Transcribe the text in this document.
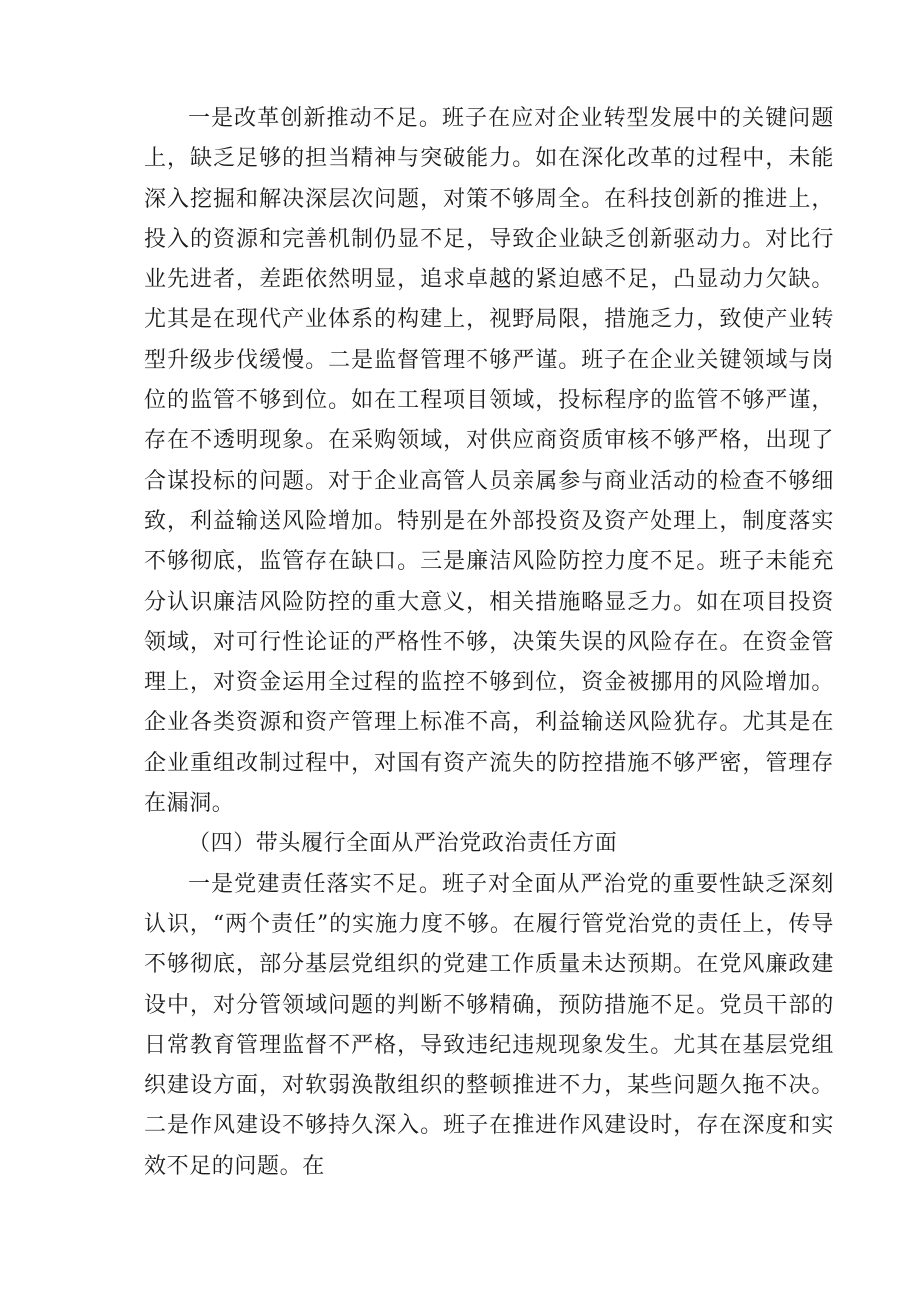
一是改革创新推动不足。班子在应对企业转型发展中的关键问题上，缺乏足够的担当精神与突破能力。如在深化改革的过程中，未能深入挖掘和解决深层次问题，对策不够周全。在科技创新的推进上，投入的资源和完善机制仍显不足，导致企业缺乏创新驱动力。对比行业先进者，差距依然明显，追求卓越的紧迫感不足，凸显动力欠缺。尤其是在现代产业体系的构建上，视野局限，措施乏力，致使产业转型升级步伐缓慢。二是监督管理不够严谨。班子在企业关键领域与岗位的监管不够到位。如在工程项目领域，投标程序的监管不够严谨，存在不透明现象。在采购领域，对供应商资质审核不够严格，出现了合谋投标的问题。对于企业高管人员亲属参与商业活动的检查不够细致，利益输送风险增加。特别是在外部投资及资产处理上，制度落实不够彻底，监管存在缺口。三是廉洁风险防控力度不足。班子未能充分认识廉洁风险防控的重大意义，相关措施略显乏力。如在项目投资领域，对可行性论证的严格性不够，决策失误的风险存在。在资金管理上，对资金运用全过程的监控不够到位，资金被挪用的风险增加。企业各类资源和资产管理上标准不高，利益输送风险犹存。尤其是在企业重组改制过程中，对国有资产流失的防控措施不够严密，管理存在漏洞。

（四）带头履行全面从严治党政治责任方面

一是党建责任落实不足。班子对全面从严治党的重要性缺乏深刻认识，“两个责任”的实施力度不够。在履行管党治党的责任上，传导不够彻底，部分基层党组织的党建工作质量未达预期。在党风廉政建设中，对分管领域问题的判断不够精确，预防措施不足。党员干部的日常教育管理监督不严格，导致违纪违规现象发生。尤其在基层党组织建设方面，对软弱涣散组织的整顿推进不力，某些问题久拖不决。二是作风建设不够持久深入。班子在推进作风建设时，存在深度和实效不足的问题。在
